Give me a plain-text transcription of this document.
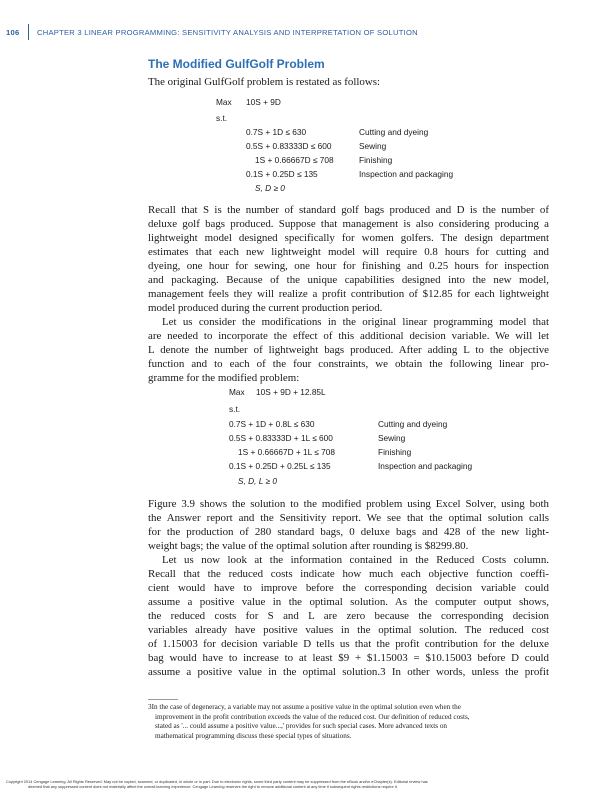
106 CHAPTER 3 LINEAR PROGRAMMING: SENSITIVITY ANALYSIS AND INTERPRETATION OF SOLUTION
The Modified GulfGolf Problem
The original GulfGolf problem is restated as follows:
Max 10S + 9D
s.t.
0.7S + 1D ≤ 630	Cutting and dyeing
0.5S + 0.83333D ≤ 600	Sewing
1S + 0.66667D ≤ 708	Finishing
0.1S + 0.25D ≤ 135	Inspection and packaging
S, D ≥ 0
Recall that S is the number of standard golf bags produced and D is the number of
deluxe golf bags produced. Suppose that management is also considering producing a
lightweight model designed specifically for women golfers. The design department
estimates that each new lightweight model will require 0.8 hours for cutting and
dyeing, one hour for sewing, one hour for finishing and 0.25 hours for inspection
and packaging. Because of the unique capabilities designed into the new model,
management feels they will realize a profit contribution of $12.85 for each lightweight
model produced during the current production period.
Let us consider the modifications in the original linear programming model that
are needed to incorporate the effect of this additional decision variable. We will let
L denote the number of lightweight bags produced. After adding L to the objective
function and to each of the four constraints, we obtain the following linear pro-
gramme for the modified problem:
Max 10S + 9D + 12.85L
s.t.
0.7S + 1D + 0.8L ≤ 630	Cutting and dyeing
0.5S + 0.83333D + 1L ≤ 600	Sewing
1S + 0.66667D + 1L ≤ 708	Finishing
0.1S + 0.25D + 0.25L ≤ 135	Inspection and packaging
S, D, L ≥ 0
Figure 3.9 shows the solution to the modified problem using Excel Solver, using both
the Answer report and the Sensitivity report. We see that the optimal solution calls
for the production of 280 standard bags, 0 deluxe bags and 428 of the new light-
weight bags; the value of the optimal solution after rounding is $8299.80.
Let us now look at the information contained in the Reduced Costs column.
Recall that the reduced costs indicate how much each objective function coeffi-
cient would have to improve before the corresponding decision variable could
assume a positive value in the optimal solution. As the computer output shows,
the reduced costs for S and L are zero because the corresponding decision
variables already have positive values in the optimal solution. The reduced cost
of 1.15003 for decision variable D tells us that the profit contribution for the deluxe
bag would have to increase to at least $9 + $1.15003 = $10.15003 before D could
assume a positive value in the optimal solution.3 In other words, unless the profit
3In the case of degeneracy, a variable may not assume a positive value in the optimal solution even when the
improvement in the profit contribution exceeds the value of the reduced cost. Our definition of reduced costs,
stated as '... could assume a positive value...,' provides for such special cases. More advanced texts on
mathematical programming discuss these special types of situations.
Copyright 2014 Cengage Learning. All Rights Reserved. May not be copied, scanned, or duplicated, in whole or in part. Due to electronic rights, some third party content may be suppressed from the eBook and/or eChapter(s). Editorial review has
deemed that any suppressed content does not materially affect the overall learning experience. Cengage Learning reserves the right to remove additional content at any time if subsequent rights restrictions require it.
